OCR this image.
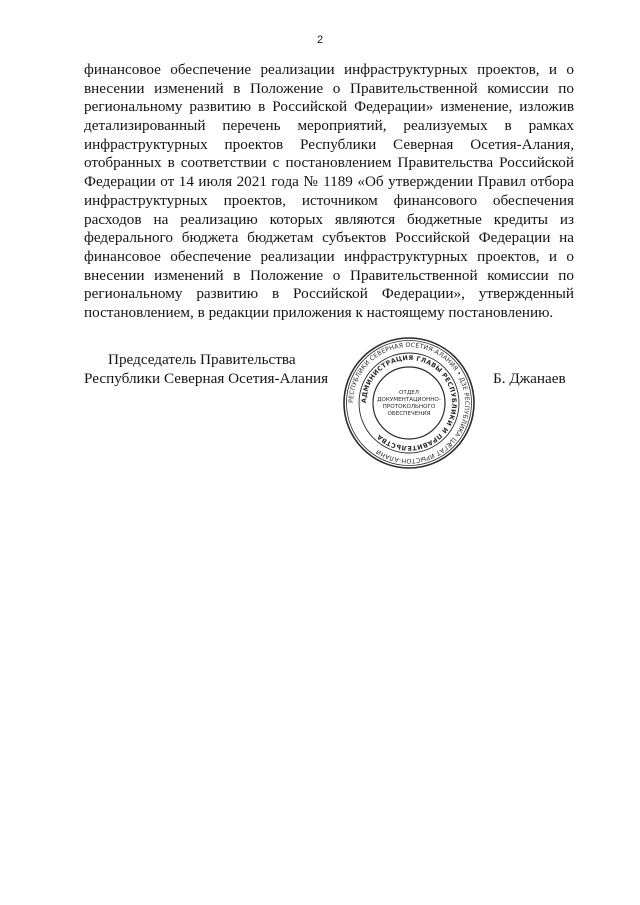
2
финансовое обеспечение реализации инфраструктурных проектов, и о
внесении изменений в Положение о Правительственной комиссии по
региональному развитию в Российской Федерации» изменение, изложив
детализированный перечень мероприятий, реализуемых в рамках
инфраструктурных проектов Республики Северная Осетия-Алания,
отобранных в соответствии с постановлением Правительства Российской
Федерации от 14 июля 2021 года № 1189 «Об утверждении Правил отбора
инфраструктурных проектов, источником финансового обеспечения
расходов на реализацию которых являются бюджетные кредиты из
федерального бюджета бюджетам субъектов Российской Федерации на
финансовое обеспечение реализации инфраструктурных проектов, и о
внесении изменений в Положение о Правительственной комиссии по
региональному развитию в Российской Федерации», утвержденный
постановлением, в редакции приложения к настоящему постановлению.
Председатель Правительства
Республики Северная Осетия-Алания	Б. Джанаев
РЕСПУБЛИКИ СЕВЕРНАЯ ОСЕТИЯ-АЛАНИЯ • ДЗЕ РЕСПУБЛИКА ЦÆГАТ ИРЫСТОН-АЛАНИ
АДМИНИСТРАЦИЯ ГЛАВЫ РЕСПУБЛИКИ И ПРАВИТЕЛЬСТВА
ОТДЕЛ ДОКУМЕНТАЦИОННО-ПРОТОКОЛЬНОГО ОБЕСПЕЧЕНИЯ
